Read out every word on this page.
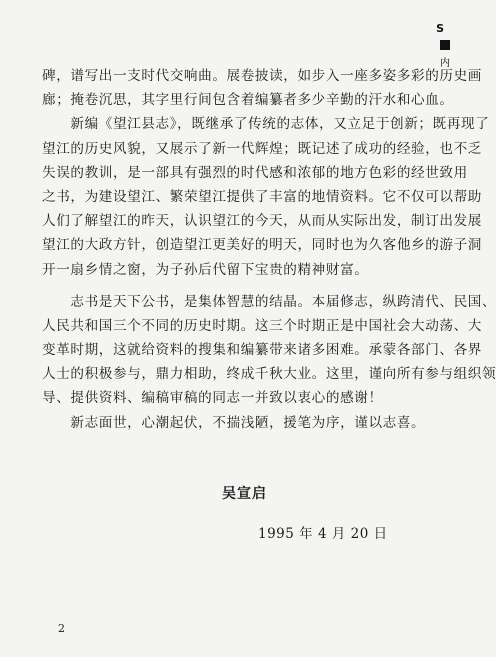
S
内
碑，谱写出一支时代交响曲。展卷披读，如步入一座多姿多彩的历史画
廊；掩卷沉思，其字里行间包含着编纂者多少辛勤的汗水和心血。
　　新编《望江县志》，既继承了传统的志体，又立足于创新；既再现了
望江的历史风貌，又展示了新一代辉煌；既记述了成功的经验，也不乏
失误的教训，是一部具有强烈的时代感和浓郁的地方色彩的经世致用
之书，为建设望江、繁荣望江提供了丰富的地情资料。它不仅可以帮助
人们了解望江的昨天，认识望江的今天，从而从实际出发，制订出发展
望江的大政方针，创造望江更美好的明天，同时也为久客他乡的游子洞
开一扇乡情之窗，为子孙后代留下宝贵的精神财富。
　　志书是天下公书，是集体智慧的结晶。本届修志，纵跨清代、民国、
人民共和国三个不同的历史时期。这三个时期正是中国社会大动荡、大
变革时期，这就给资料的搜集和编纂带来诸多困难。承蒙各部门、各界
人士的积极参与，鼎力相助，终成千秋大业。这里，谨向所有参与组织领
导、提供资料、编稿审稿的同志一并致以衷心的感谢！
　　新志面世，心潮起伏，不揣浅陋，援笔为序，谨以志喜。
吴宣启
1995 年 4 月 20 日
2
